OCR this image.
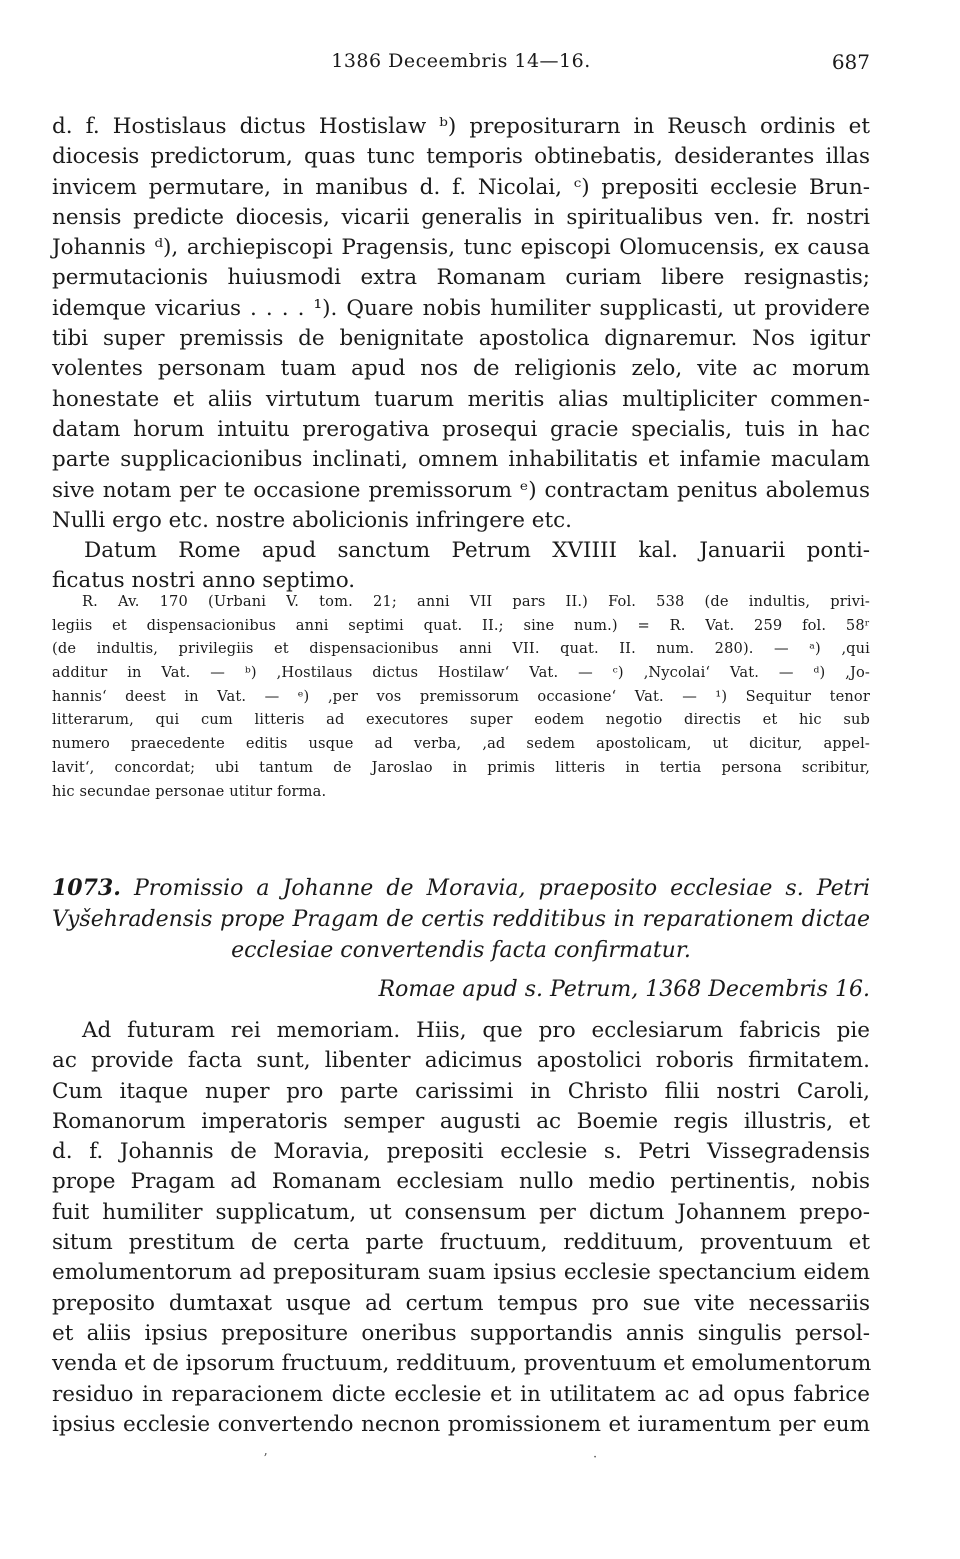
1386 Deceembris 14—16.	687
d. f. Hostislaus dictus Hostislaw ᵇ) prepositurarn in Reusch ordinis et
diocesis predictorum, quas tunc temporis obtinebatis, desiderantes illas
invicem permutare, in manibus d. f. Nicolai, ᶜ) prepositi ecclesie Brun-
nensis predicte diocesis, vicarii generalis in spiritualibus ven. fr. nostri
Johannis ᵈ), archiepiscopi Pragensis, tunc episcopi Olomucensis, ex causa
permutacionis huiusmodi extra Romanam curiam libere resignastis;
idemque vicarius . . . . ¹). Quare nobis humiliter supplicasti, ut providere
tibi super premissis de benignitate apostolica dignaremur. Nos igitur
volentes personam tuam apud nos de religionis zelo, vite ac morum
honestate et aliis virtutum tuarum meritis alias multipliciter commen-
datam horum intuitu prerogativa prosequi gracie specialis, tuis in hac
parte supplicacionibus inclinati, omnem inhabilitatis et infamie maculam
sive notam per te occasione premissorum ᵉ) contractam penitus abolemus
Nulli ergo etc. nostre abolicionis infringere etc.
Datum Rome apud sanctum Petrum XVIIII kal. Januarii ponti-
ficatus nostri anno septimo.
R. Av. 170 (Urbani V. tom. 21; anni VII pars II.) Fol. 538 (de indultis, privi-
legiis et dispensacionibus anni septimi quat. II.; sine num.) = R. Vat. 259 fol. 58ʳ
(de indultis, privilegiis et dispensacionibus anni VII. quat. II. num. 280). — ᵃ) ‚qui
additur in Vat. — ᵇ) ‚Hostilaus dictus Hostilaw‘ Vat. — ᶜ) ‚Nycolai‘ Vat. — ᵈ) ‚Jo-
hannis‘ deest in Vat. — ᵉ) ‚per vos premissorum occasione‘ Vat. — ¹) Sequitur tenor
litterarum, qui cum litteris ad executores super eodem negotio directis et hic sub
numero praecedente editis usque ad verba, ‚ad sedem apostolicam, ut dicitur, appel-
lavit‘, concordat; ubi tantum de Jaroslao in primis litteris in tertia persona scribitur,
hic secundae personae utitur forma.
1073. Promissio a Johanne de Moravia, praeposito ecclesiae s. Petri
Vyšehradensis prope Pragam de certis redditibus in reparationem dictae
ecclesiae convertendis facta confirmatur.
Romae apud s. Petrum, 1368 Decembris 16.
Ad futuram rei memoriam. Hiis, que pro ecclesiarum fabricis pie
ac provide facta sunt, libenter adicimus apostolici roboris firmitatem.
Cum itaque nuper pro parte carissimi in Christo filii nostri Caroli,
Romanorum imperatoris semper augusti ac Boemie regis illustris, et
d. f. Johannis de Moravia, prepositi ecclesie s. Petri Vissegradensis
prope Pragam ad Romanam ecclesiam nullo medio pertinentis, nobis
fuit humiliter supplicatum, ut consensum per dictum Johannem prepo-
situm prestitum de certa parte fructuum, reddituum, proventuum et
emolumentorum ad preposituram suam ipsius ecclesie spectancium eidem
preposito dumtaxat usque ad certum tempus pro sue vite necessariis
et aliis ipsius prepositure oneribus supportandis annis singulis persol-
venda et de ipsorum fructuum, reddituum, proventuum et emolumentorum
residuo in reparacionem dicte ecclesie et in utilitatem ac ad opus fabrice
ipsius ecclesie convertendo necnon promissionem et iuramentum per eum
·
ʼ
